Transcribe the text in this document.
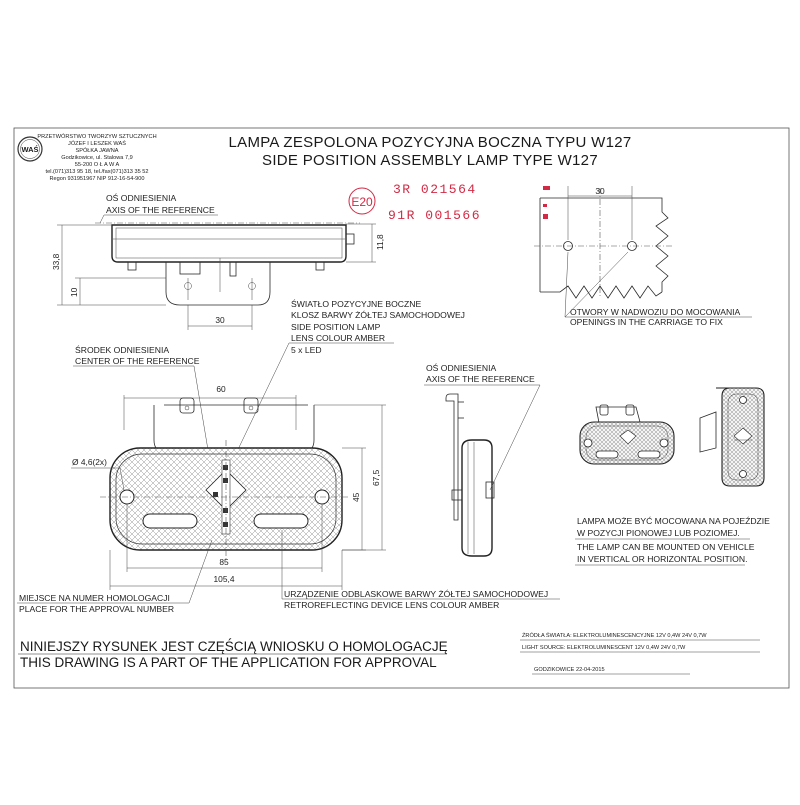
WAŚ
PRZETWÓRSTWO TWORZYW SZTUCZNYCH
JÓZEF I LESZEK WAŚ
SPÓŁKA JAWNA
Godzikowice, ul. Stalowa 7,9
55-200 O Ł A W A
tel.(071)313 95 18, tel./fax(071)313 35 52
Regon 931951967 NIP 912-16-54-900
LAMPA ZESPOLONA POZYCYJNA BOCZNA TYPU W127
SIDE POSITION ASSEMBLY LAMP TYPE W127
E20
3R 021564
91R 001566
OŚ ODNIESIENIA
AXIS OF THE REFERENCE
33,8
10
30
11,8
30
OTWORY W NADWOZIU DO MOCOWANIA
OPENINGS IN THE CARRIAGE TO FIX
ŚWIATŁO POZYCYJNE BOCZNE
KLOSZ BARWY ŻÓŁTEJ SAMOCHODOWEJ
SIDE POSITION LAMP
LENS COLOUR AMBER
5 x LED
ŚRODEK ODNIESIENIA
CENTER OF THE REFERENCE
60
Ø 4,6(2x)
85
105,4
45
67,5
OŚ ODNIESIENIA
AXIS OF THE REFERENCE
LAMPA MOŻE BYĆ MOCOWANA NA POJEŹDZIE
W POZYCJI PIONOWEJ LUB POZIOMEJ.
THE LAMP CAN BE MOUNTED ON VEHICLE
IN VERTICAL OR HORIZONTAL POSITION.
MIEJSCE NA NUMER HOMOLOGACJI
PLACE FOR THE APPROVAL NUMBER
URZĄDZENIE ODBLASKOWE BARWY ŻÓŁTEJ SAMOCHODOWEJ
RETROREFLECTING DEVICE LENS COLOUR AMBER
NINIEJSZY RYSUNEK JEST CZĘŚCIĄ WNIOSKU O HOMOLOGACJĘ
THIS DRAWING IS A PART OF THE APPLICATION FOR APPROVAL
ŹRÓDŁA ŚWIATŁA: ELEKTROLUMINESCENCYJNE 12V 0,4W 24V 0,7W
LIGHT SOURCE: ELEKTROLUMINESCENT 12V 0,4W 24V 0,7W
GODZIKOWICE 22-04-2015
